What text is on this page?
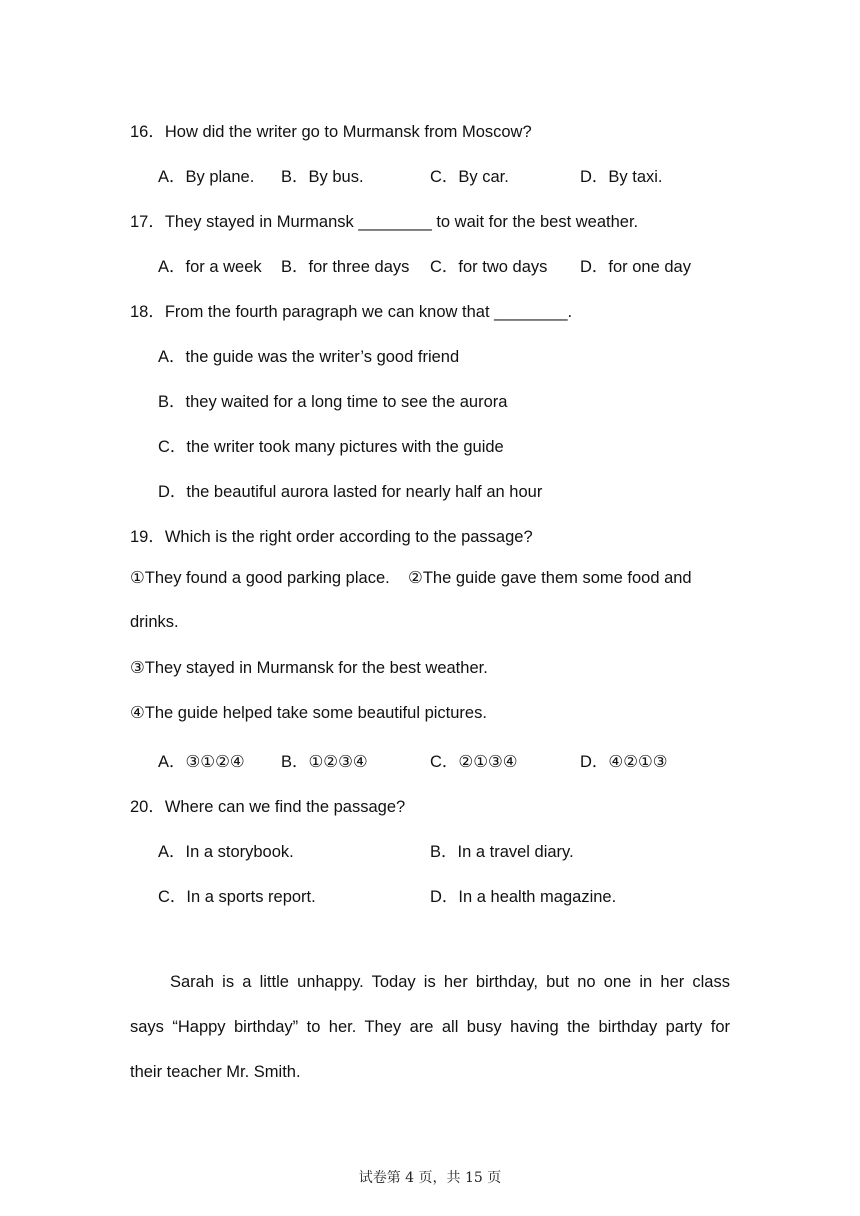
16．How did the writer go to Murmansk from Moscow?
A．By plane. B．By bus.	C．By car.	D．By taxi.
17．They stayed in Murmansk ________ to wait for the best weather.
A．for a week B．for three days C．for two days D．for one day
18．From the fourth paragraph we can know that ________.
A．the guide was the writer’s good friend
B．they waited for a long time to see the aurora
C．the writer took many pictures with the guide
D．the beautiful aurora lasted for nearly half an hour
19．Which is the right order according to the passage?
①They found a good parking place.    ②The guide gave them some food and
drinks.
③They stayed in Murmansk for the best weather.
④The guide helped take some beautiful pictures.
A．③①②④ B．①②③④	C．②①③④	D．④②①③
20．Where can we find the passage?
A．In a storybook.	B．In a travel diary.
C．In a sports report.	D．In a health magazine.
Sarah is a little unhappy. Today is her birthday, but no one in her class
says “Happy birthday” to her. They are all busy having the birthday party for
their teacher Mr. Smith.
试卷第 4 页，共 15 页
